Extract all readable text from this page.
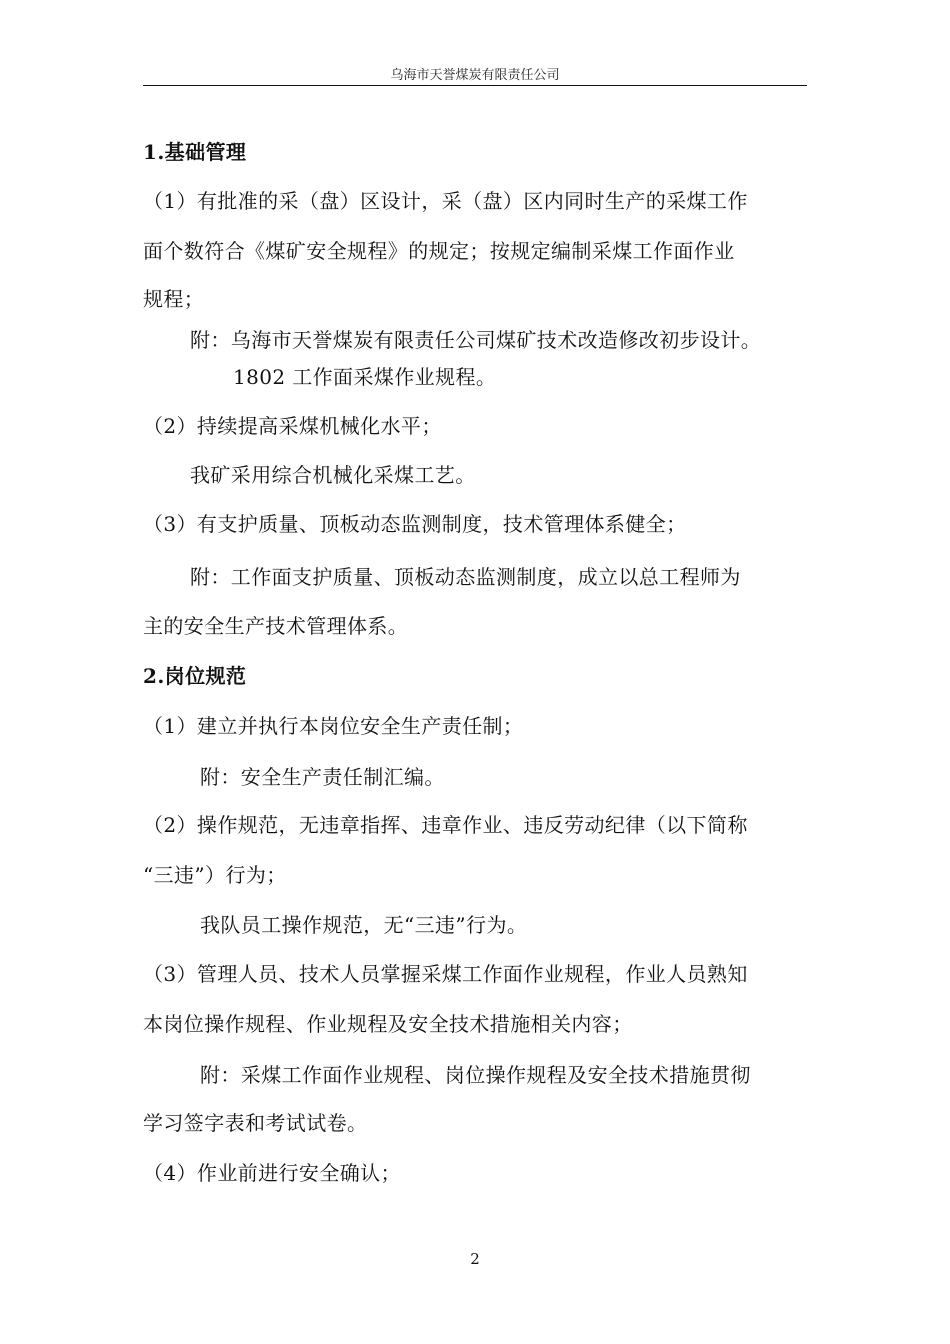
乌海市天誉煤炭有限责任公司
1.基础管理
（1）有批准的采（盘）区设计，采（盘）区内同时生产的采煤工作
面个数符合《煤矿安全规程》的规定；按规定编制采煤工作面作业
规程；
附：乌海市天誉煤炭有限责任公司煤矿技术改造修改初步设计。
1802 工作面采煤作业规程。
（2）持续提高采煤机械化水平；
我矿采用综合机械化采煤工艺。
（3）有支护质量、顶板动态监测制度，技术管理体系健全；
附：工作面支护质量、顶板动态监测制度，成立以总工程师为
主的安全生产技术管理体系。
2.岗位规范
（1）建立并执行本岗位安全生产责任制；
附：安全生产责任制汇编。
（2）操作规范，无违章指挥、违章作业、违反劳动纪律（以下简称
“三违”）行为；
我队员工操作规范，无“三违”行为。
（3）管理人员、技术人员掌握采煤工作面作业规程，作业人员熟知
本岗位操作规程、作业规程及安全技术措施相关内容；
附：采煤工作面作业规程、岗位操作规程及安全技术措施贯彻
学习签字表和考试试卷。
（4）作业前进行安全确认；
2
